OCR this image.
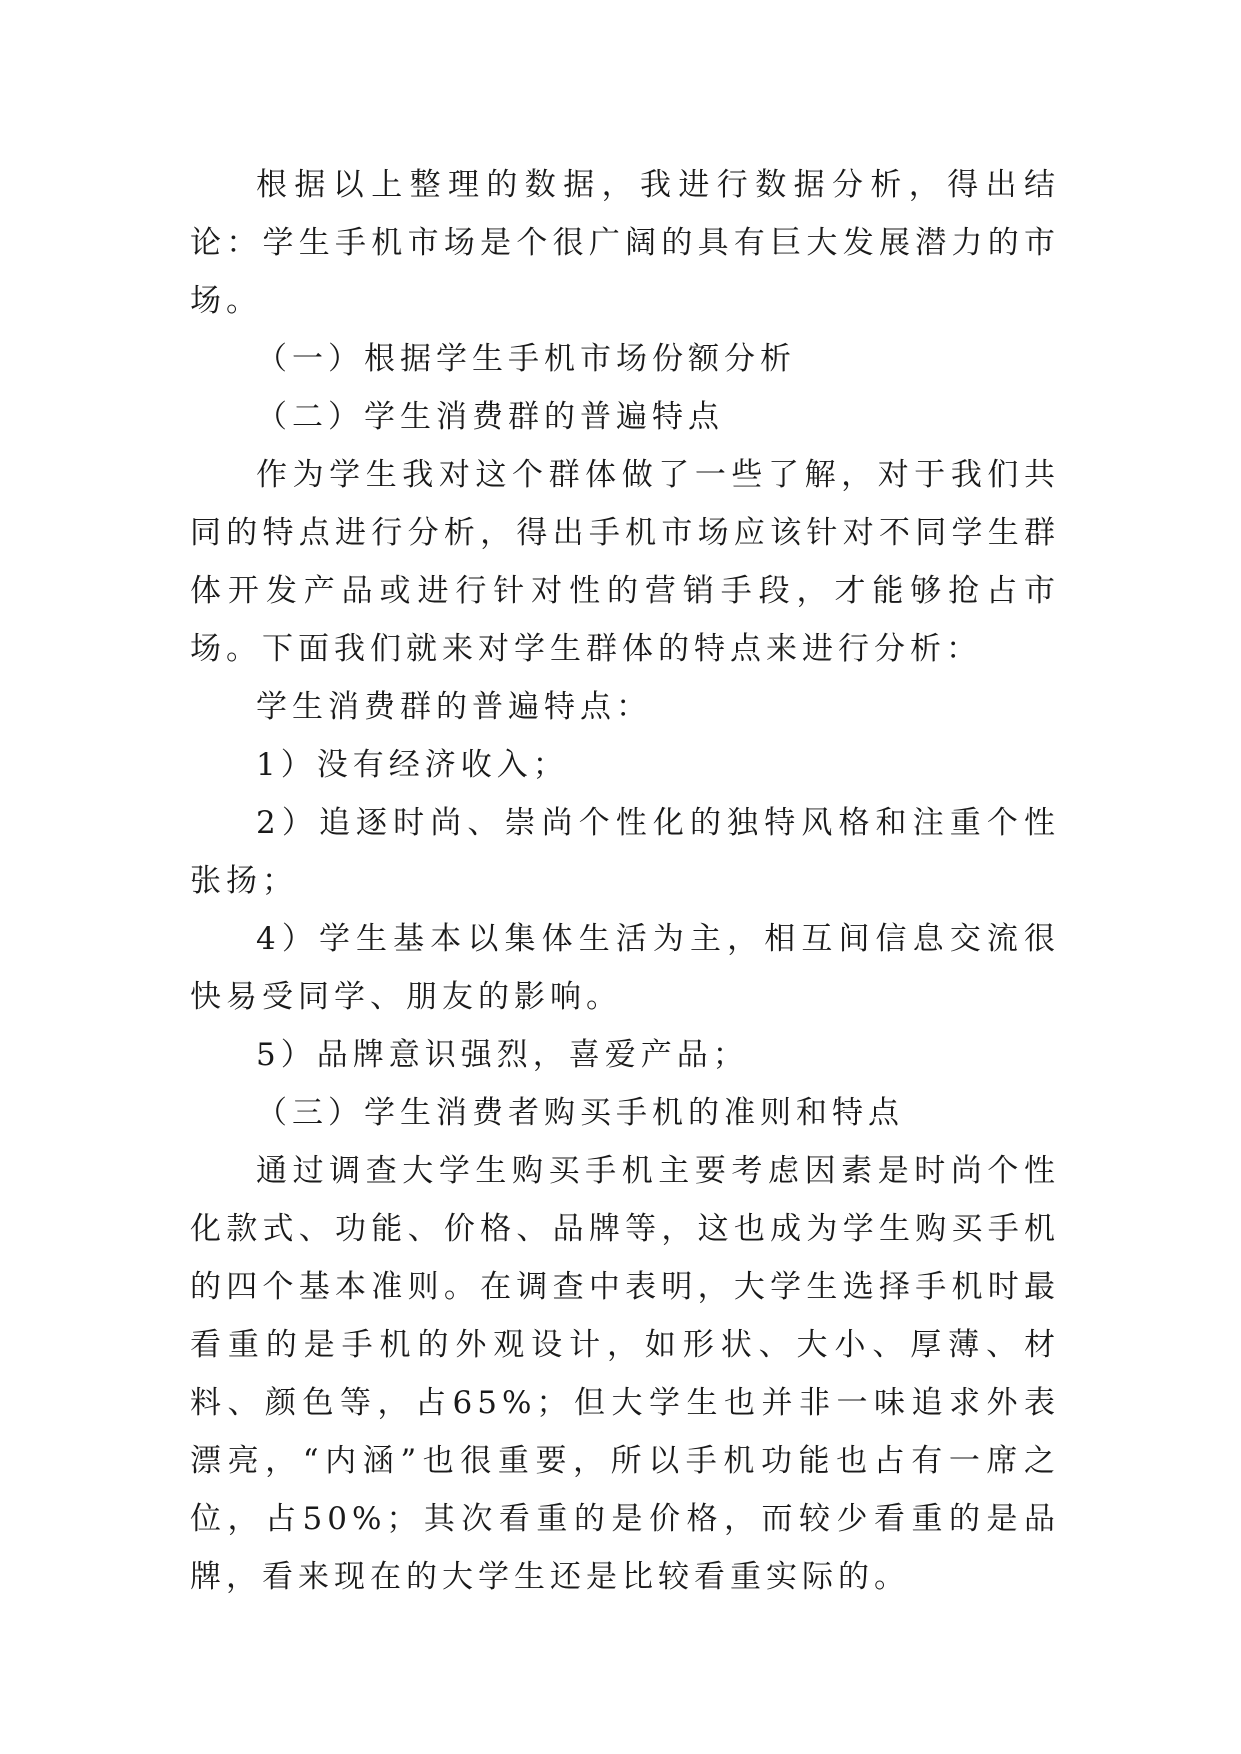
根据以上整理的数据，我进行数据分析，得出结论：学生手机市场是个很广阔的具有巨大发展潜力的市场。

（一）根据学生手机市场份额分析

（二）学生消费群的普遍特点

作为学生我对这个群体做了一些了解，对于我们共同的特点进行分析，得出手机市场应该针对不同学生群体开发产品或进行针对性的营销手段，才能够抢占市场。下面我们就来对学生群体的特点来进行分析：

学生消费群的普遍特点：

1）没有经济收入；

2）追逐时尚、崇尚个性化的独特风格和注重个性张扬；

4）学生基本以集体生活为主，相互间信息交流很快易受同学、朋友的影响。

5）品牌意识强烈，喜爱产品；

（三）学生消费者购买手机的准则和特点

通过调查大学生购买手机主要考虑因素是时尚个性化款式、功能、价格、品牌等，这也成为学生购买手机的四个基本准则。在调查中表明，大学生选择手机时最看重的是手机的外观设计，如形状、大小、厚薄、材料、颜色等，占65%；但大学生也并非一味追求外表漂亮，“内涵”也很重要，所以手机功能也占有一席之位，占50%；其次看重的是价格，而较少看重的是品牌，看来现在的大学生还是比较看重实际的。
